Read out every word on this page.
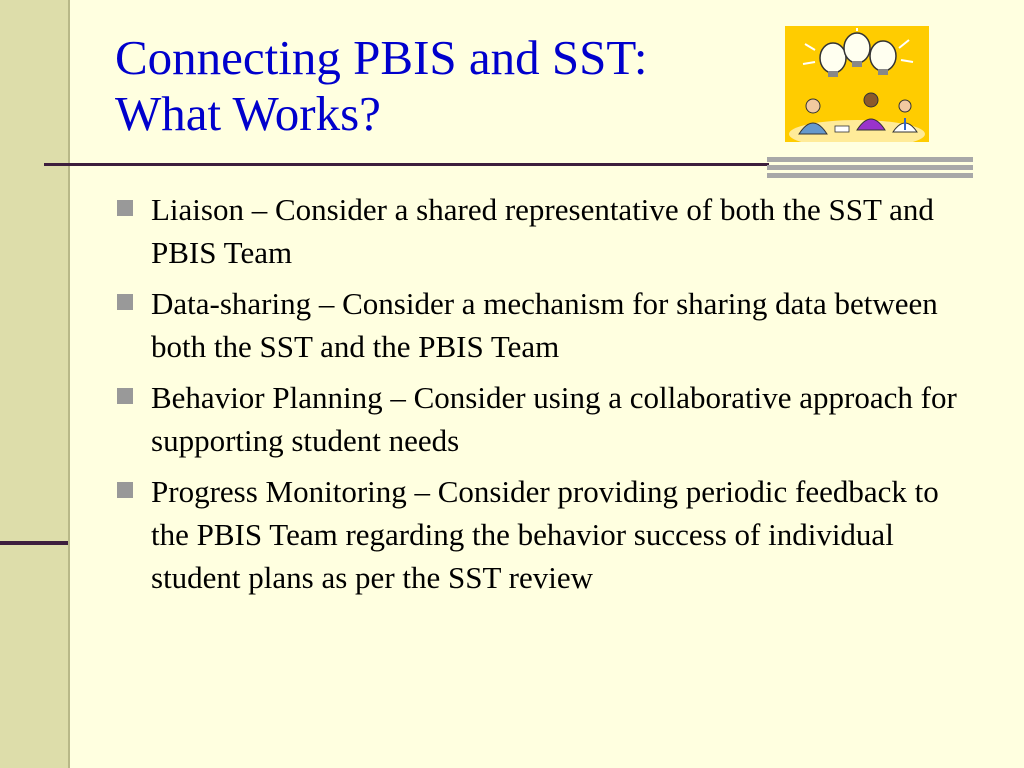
Connecting PBIS and SST:
What Works?
Liaison – Consider a shared representative of both the SST and PBIS Team
Data-sharing – Consider a mechanism for sharing data between both the SST and the PBIS Team
Behavior Planning – Consider using a collaborative approach for supporting student needs
Progress Monitoring – Consider providing periodic feedback to the PBIS Team regarding the behavior success of individual student plans as per the SST review
